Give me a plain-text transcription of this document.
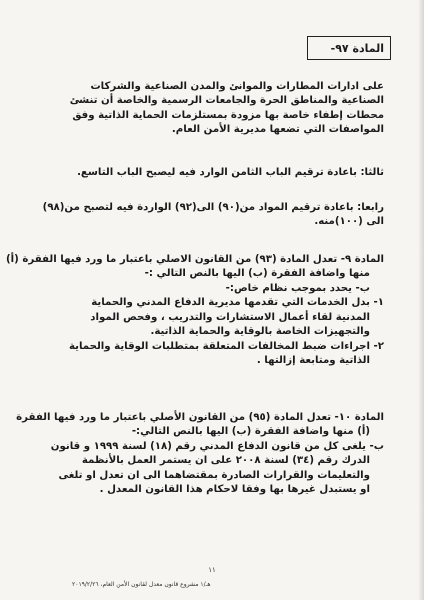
المادة ٩٧-
على ادارات المطارات والموانئ والمدن الصناعية والشركات
الصناعية والمناطق الحرة والجامعات الرسمية والخاصة أن تنشئ
محطات إطفاء خاصة بها مزودة بمستلزمات الحماية الذاتية وفق
المواصفات التي تضعها مديرية الأمن العام.
ثالثا: باعادة ترقيم الباب الثامن الوارد فيه ليصبح الباب التاسع.
رابعا: باعادة ترقيم المواد من(٩٠) الى(٩٢) الواردة فيه لتصبح من(٩٨)
الى (١٠٠)منه.
المادة ٩- تعدل المادة (٩٣) من القانون الاصلي باعتبار ما ورد فيها الفقرة (أ)
منها واضافة الفقرة (ب) اليها بالنص التالي :-
ب- يحدد بموجب نظام خاص:-
١- بدل الخدمات التي تقدمها مديرية الدفاع المدني والحماية
المدنية لقاء أعمال الاستشارات والتدريب ، وفحص المواد
والتجهيزات الخاصة بالوقاية والحماية الذاتية.
٢- اجراءات ضبط المخالفات المتعلقة بمتطلبات الوقاية والحماية
الذاتية ومتابعة إزالتها .
المادة ١٠- تعدل المادة (٩٥) من القانون الأصلي باعتبار ما ورد فيها الفقرة
(أ) منها واضافة الفقرة (ب) اليها بالنص التالي:-
ب- يلغى كل من قانون الدفاع المدني رقم (١٨) لسنة ١٩٩٩ و قانون
الدرك رقم (٣٤) لسنة ٢٠٠٨ على ان يستمر العمل بالأنظمة
والتعليمات والقرارات الصادرة بمقتضاهما الى ان تعدل او تلغى
او يستبدل غيرها بها وفقا لاحكام هذا القانون المعدل .
١١
هـ/١ مشروع قانون معدل لقانون الأمن العام، ٢٠١٩/٢/٢٦
